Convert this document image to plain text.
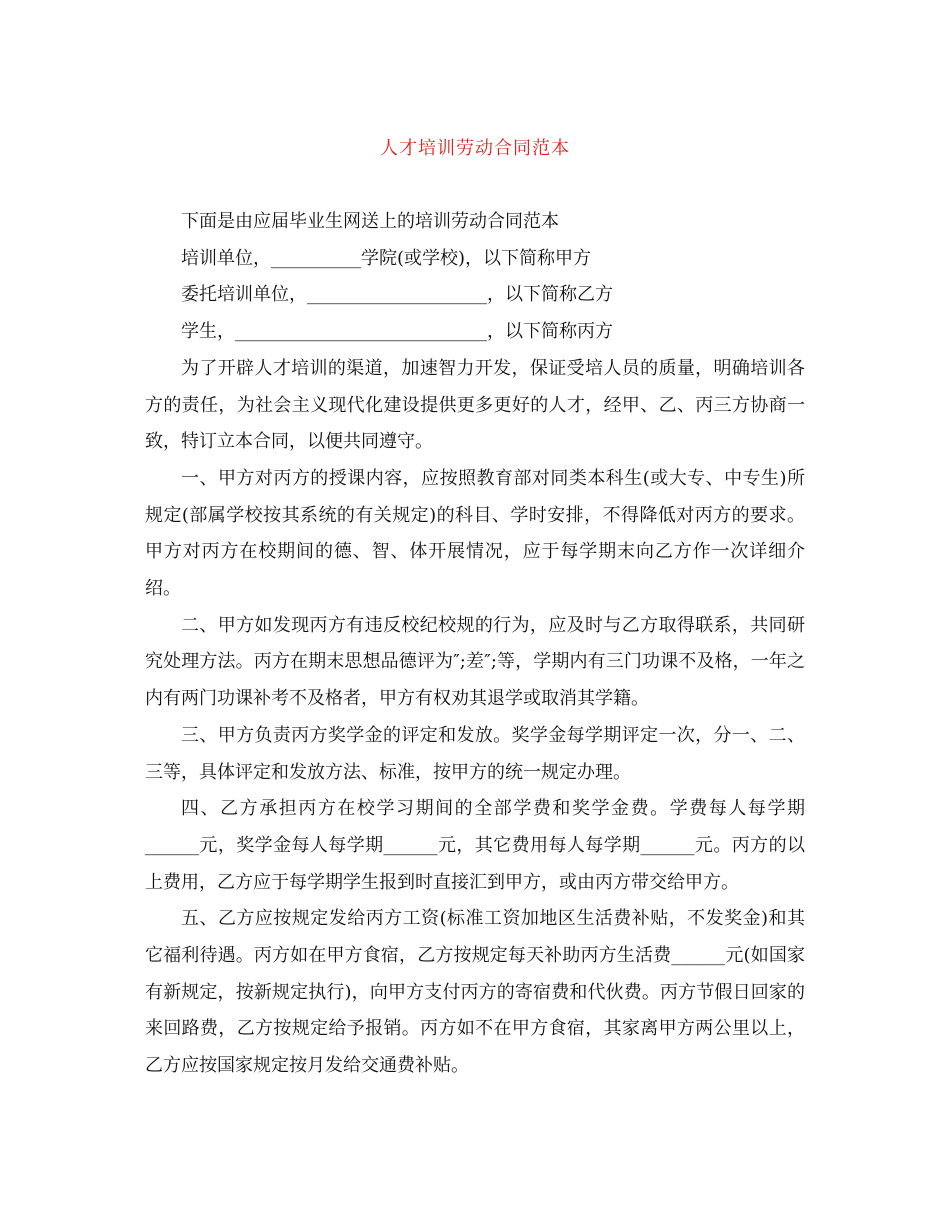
人才培训劳动合同范本

下面是由应届毕业生网送上的培训劳动合同范本

培训单位，__________学院(或学校)，以下简称甲方

委托培训单位，____________________，以下简称乙方

学生，____________________________，以下简称丙方

为了开辟人才培训的渠道，加速智力开发，保证受培人员的质量，明确培训各方的责任，为社会主义现代化建设提供更多更好的人才，经甲、乙、丙三方协商一致，特订立本合同，以便共同遵守。

一、甲方对丙方的授课内容，应按照教育部对同类本科生(或大专、中专生)所规定(部属学校按其系统的有关规定)的科目、学时安排，不得降低对丙方的要求。甲方对丙方在校期间的德、智、体开展情况，应于每学期末向乙方作一次详细介绍。

二、甲方如发现丙方有违反校纪校规的行为，应及时与乙方取得联系，共同研究处理方法。丙方在期末思想品德评为″;差″;等，学期内有三门功课不及格，一年之内有两门功课补考不及格者，甲方有权劝其退学或取消其学籍。

三、甲方负责丙方奖学金的评定和发放。奖学金每学期评定一次，分一、二、三等，具体评定和发放方法、标准，按甲方的统一规定办理。

四、乙方承担丙方在校学习期间的全部学费和奖学金费。学费每人每学期______元，奖学金每人每学期______元，其它费用每人每学期______元。丙方的以上费用，乙方应于每学期学生报到时直接汇到甲方，或由丙方带交给甲方。

五、乙方应按规定发给丙方工资(标准工资加地区生活费补贴，不发奖金)和其它福利待遇。丙方如在甲方食宿，乙方按规定每天补助丙方生活费______元(如国家有新规定，按新规定执行)，向甲方支付丙方的寄宿费和代伙费。丙方节假日回家的来回路费，乙方按规定给予报销。丙方如不在甲方食宿，其家离甲方两公里以上，乙方应按国家规定按月发给交通费补贴。
